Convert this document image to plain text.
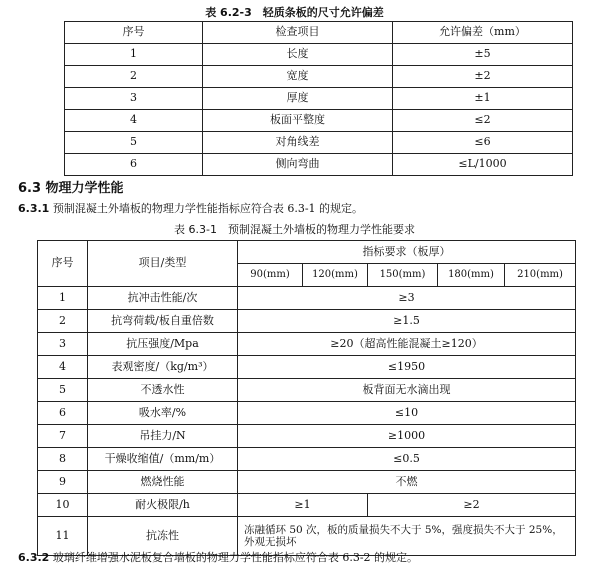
表 6.2-3　轻质条板的尺寸允许偏差
序号	检查项目	允许偏差（mm）
1	长度	±5
2	宽度	±2
3	厚度	±1
4	板面平整度	≤2
5	对角线差	≤6
6	侧向弯曲	≤L/1000
6.3 物理力学性能
6.3.1 预制混凝土外墙板的物理力学性能指标应符合表 6.3-1 的规定。
表 6.3-1　预制混凝土外墙板的物理力学性能要求
序号	项目/类型	指标要求（板厚）				
		90(mm)	120(mm)	150(mm)	180(mm)	210(mm)
1	抗冲击性能/次	≥3				
2	抗弯荷载/板自重倍数	≥1.5				
3	抗压强度/Mpa	≥20（超高性能混凝土≥120）				
4	表观密度/（kg/m³）	≤1950				
5	不透水性	板背面无水滴出现				
6	吸水率/%	≤10				
7	吊挂力/N	≥1000				
8	干燥收缩值/（mm/m）	≤0.5				
9	燃烧性能	不燃				
10	耐火极限/h	≥1		≥2		
11	抗冻性	冻融循环 50 次，板的质量损失不大于 5%，强度损失不大于 25%，
外观无损坏				
6.3.2 玻璃纤维增强水泥板复合墙板的物理力学性能指标应符合表 6.3-2 的规定。
